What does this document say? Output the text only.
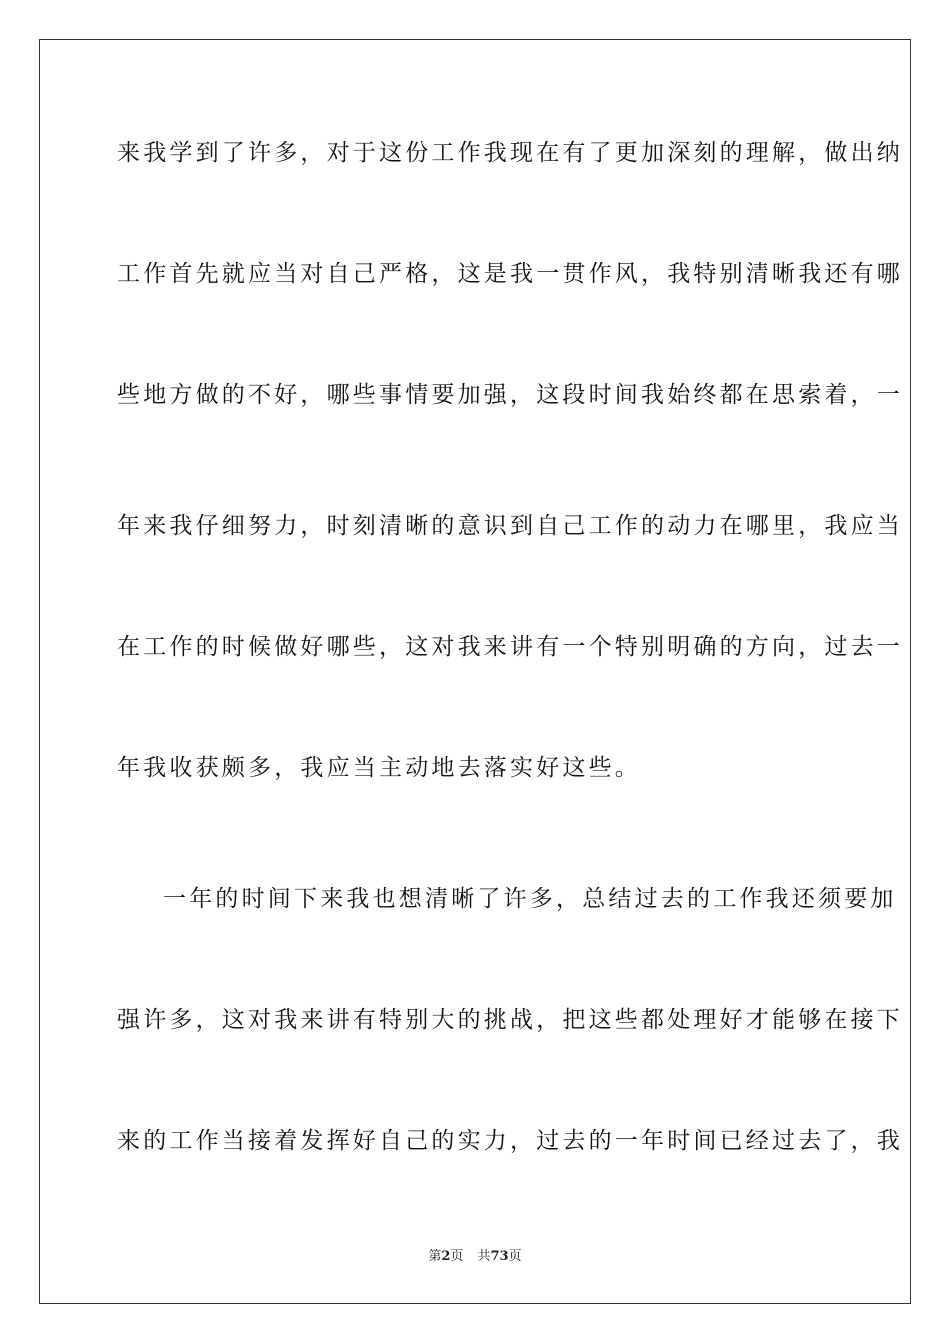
来我学到了许多，对于这份工作我现在有了更加深刻的理解，做出纳
工作首先就应当对自己严格，这是我一贯作风，我特别清晰我还有哪
些地方做的不好，哪些事情要加强，这段时间我始终都在思索着，一
年来我仔细努力，时刻清晰的意识到自己工作的动力在哪里，我应当
在工作的时候做好哪些，这对我来讲有一个特别明确的方向，过去一
年我收获颇多，我应当主动地去落实好这些。
一年的时间下来我也想清晰了许多，总结过去的工作我还须要加
强许多，这对我来讲有特别大的挑战，把这些都处理好才能够在接下
来的工作当接着发挥好自己的实力，过去的一年时间已经过去了，我
第2页 共73页
